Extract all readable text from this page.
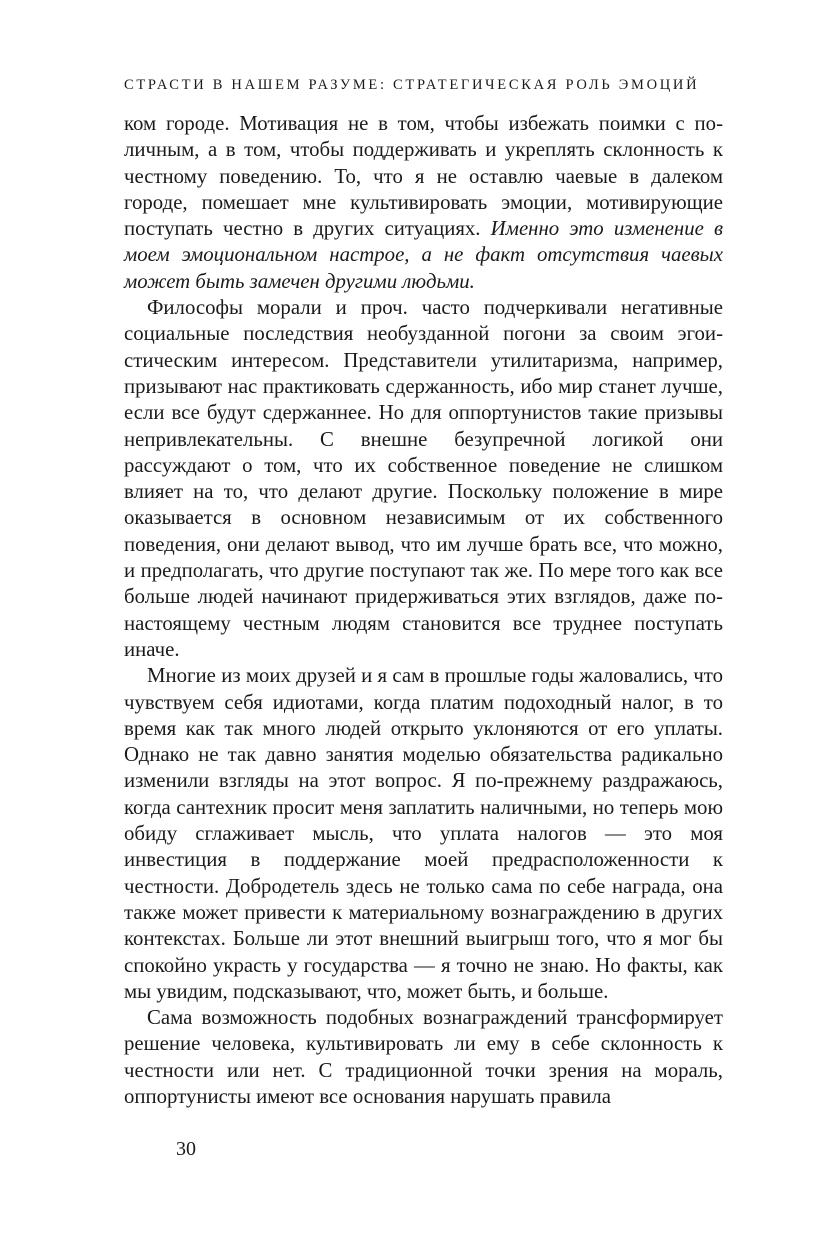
СТРАСТИ В НАШЕМ РАЗУМЕ: СТРАТЕГИЧЕСКАЯ РОЛЬ ЭМОЦИЙ

ком городе. Мотивация не в том, чтобы избежать поимки с поличным, а в том, чтобы поддерживать и укреплять склонность к честному поведению. То, что я не оставлю чаевые в далеком городе, помешает мне культивировать эмоции, мотивирующие поступать честно в других ситуациях. Именно это изменение в моем эмоциональном настрое, а не факт отсутствия чаевых может быть замечен другими людьми.

Философы морали и проч. часто подчеркивали негативные социальные последствия необузданной погони за своим эгоистическим интересом. Представители утилитаризма, например, призывают нас практиковать сдержанность, ибо мир станет лучше, если все будут сдержаннее. Но для оппортунистов такие призывы непривлекательны. С внешне безупречной логикой они рассуждают о том, что их собственное поведение не слишком влияет на то, что делают другие. Поскольку положение в мире оказывается в основном независимым от их собственного поведения, они делают вывод, что им лучше брать все, что можно, и предполагать, что другие поступают так же. По мере того как все больше людей начинают придерживаться этих взглядов, даже по-настоящему честным людям становится все труднее поступать иначе.

Многие из моих друзей и я сам в прошлые годы жаловались, что чувствуем себя идиотами, когда платим подоходный налог, в то время как так много людей открыто уклоняются от его уплаты. Однако не так давно занятия моделью обязательства радикально изменили взгляды на этот вопрос. Я по-прежнему раздражаюсь, когда сантехник просит меня заплатить наличными, но теперь мою обиду сглаживает мысль, что уплата налогов — это моя инвестиция в поддержание моей предрасположенности к честности. Добродетель здесь не только сама по себе награда, она также может привести к материальному вознаграждению в других контекстах. Больше ли этот внешний выигрыш того, что я мог бы спокойно украсть у государства — я точно не знаю. Но факты, как мы увидим, подсказывают, что, может быть, и больше.

Сама возможность подобных вознаграждений трансформирует решение человека, культивировать ли ему в себе склонность к честности или нет. С традиционной точки зрения на мораль, оппортунисты имеют все основания нарушать правила

30
